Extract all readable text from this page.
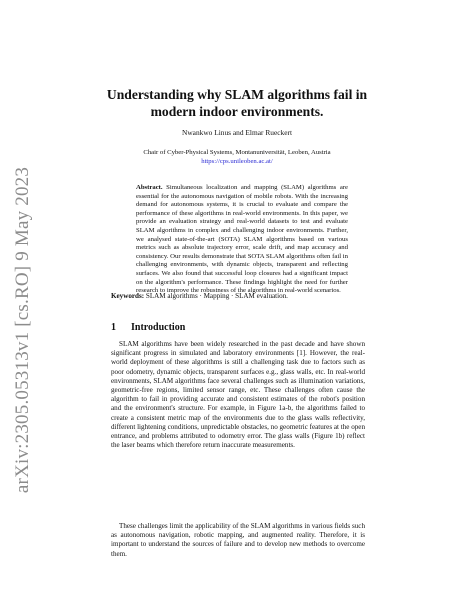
arXiv:2305.05313v1 [cs.RO] 9 May 2023
Understanding why SLAM algorithms fail in
modern indoor environments.
Nwankwo Linus and Elmar Rueckert
Chair of Cyber-Physical Systems, Montanuniversität, Leoben, Austria
https://cps.unileoben.ac.at/
Abstract. Simultaneous localization and mapping (SLAM) algorithms are essential for the autonomous navigation of mobile robots. With the increasing demand for autonomous systems, it is crucial to evaluate and compare the performance of these algorithms in real-world environments. In this paper, we provide an evaluation strategy and real-world datasets to test and evaluate SLAM algorithms in complex and challenging indoor environments. Further, we analysed state-of-the-art (SOTA) SLAM algorithms based on various metrics such as absolute trajectory error, scale drift, and map accuracy and consistency. Our results demonstrate that SOTA SLAM algorithms often fail in challenging environments, with dynamic objects, transparent and reflecting surfaces. We also found that successful loop closures had a significant impact on the algorithm's performance. These findings highlight the need for further research to improve the robustness of the algorithms in real-world scenarios.
Keywords: SLAM algorithms · Mapping · SLAM evaluation.
1 Introduction
SLAM algorithms have been widely researched in the past decade and have shown significant progress in simulated and laboratory environments [1]. However, the real-world deployment of these algorithms is still a challenging task due to factors such as poor odometry, dynamic objects, transparent surfaces e.g., glass walls, etc. In real-world environments, SLAM algorithms face several challenges such as illumination variations, geometric-free regions, limited sensor range, etc. These challenges often cause the algorithm to fail in providing accurate and consistent estimates of the robot's position and the environment's structure. For example, in Figure 1a-b, the algorithms failed to create a consistent metric map of the environments due to the glass walls reflectivity, different lightening conditions, unpredictable obstacles, no geometric features at the open entrance, and problems attributed to odometry error. The glass walls (Figure 1b) reflect the laser beams which therefore return inaccurate measurements.
These challenges limit the applicability of the SLAM algorithms in various fields such as autonomous navigation, robotic mapping, and augmented reality. Therefore, it is important to understand the sources of failure and to develop new methods to overcome them.
